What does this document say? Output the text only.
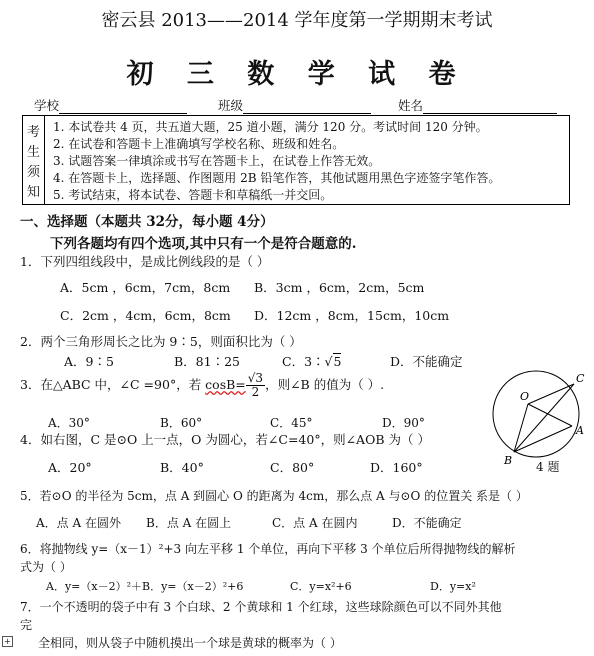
密云县 2013——2014 学年度第一学期期末考试
初 三 数 学 试 卷
学校	班级	姓名
考
生
须
知
1. 本试卷共 4 页，共五道大题，25 道小题，满分 120 分。考试时间 120 分钟。
2. 在试卷和答题卡上准确填写学校名称、班级和姓名。
3. 试题答案一律填涂或书写在答题卡上，在试卷上作答无效。
4. 在答题卡上，选择题、作图题用 2B 铅笔作答，其他试题用黑色字迹签字笔作答。
5. 考试结束，将本试卷、答题卡和草稿纸一并交回。
一、选择题（本题共 32分，每小题 4分）
下列各题均有四个选项,其中只有一个是符合题意的.
1．下列四组线段中，是成比例线段的是（ ）
A．5cm ，6cm，7cm，8cm B．3cm ，6cm，2cm，5cm
C．2cm ，4cm，6cm，8cm D．12cm ，8cm，15cm，10cm
2．两个三角形周长之比为 9∶5，则面积比为（ ）
A．9∶5	B．81∶25	C．3∶√5	D．不能确定
3．在△ABC 中，∠C =90°，若 $\cos B= \frac{√3}{2}$ ，则∠B 的值为（ ）.
A．30°	B．60°	C．45°	D．90°
O
C
A
B 4 题
4．如右图，C 是⊙O 上一点，O 为圆心，若∠C=40°，则∠AOB 为（ ）
A．20°	B．40°	C．80°	D．160°
5．若⊙O 的半径为 5cm，点 A 到圆心 O 的距离为 4cm，那么点 A 与⊙O 的位置关 系是（ ）
A．点 A 在圆外 B．点 A 在圆上	C．点 A 在圆内	D．不能确定
6．将抛物线 y=（x－1）²+3 向左平移 1 个单位，再向下平移 3 个单位后所得抛物线的解析
式为（ ）
A．y=（x－2）²＋B．y=（x－2）²+6	C．y=x²+6	D．y=x²
7．一个不透明的袋子中有 3 个白球、2 个黄球和 1 个红球，这些球除颜色可以不同外其他
完
全相同，则从袋子中随机摸出一个球是黄球的概率为（ ）
+
